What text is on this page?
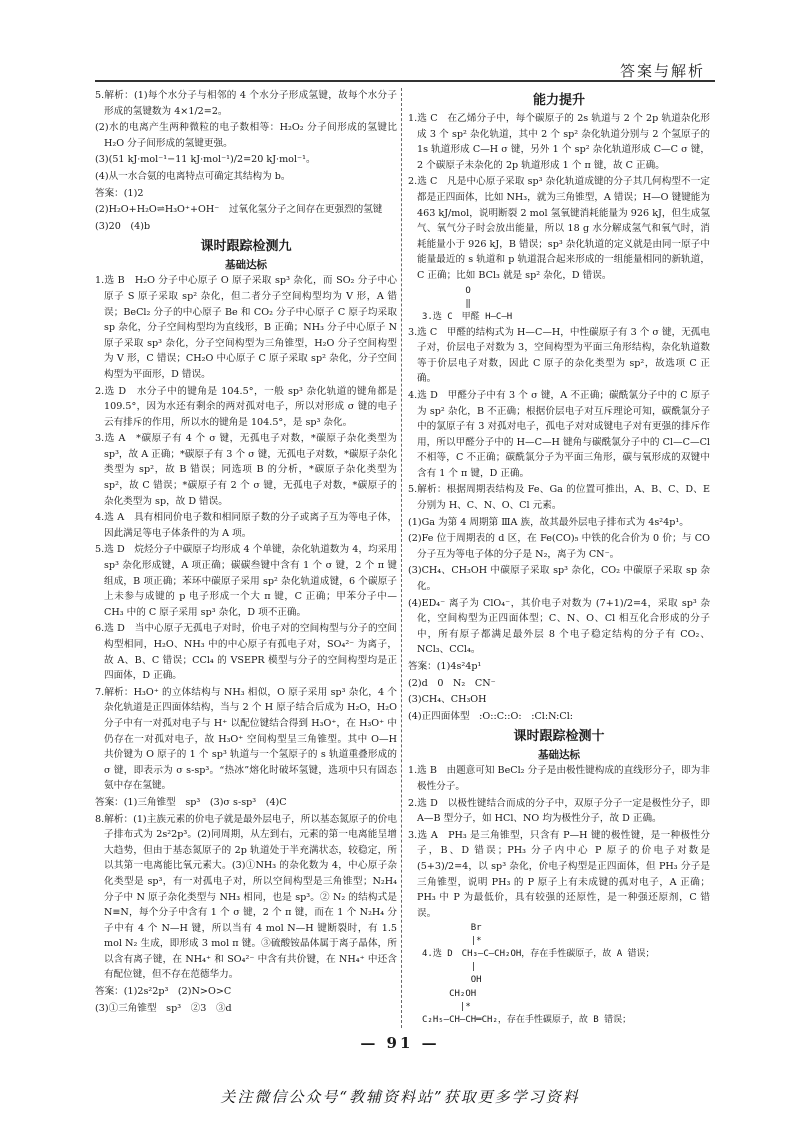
答案与解析
5.解析：(1)每个水分子与相邻的 4 个水分子形成氢键，故每个水分子形成的氢键数为 4×1/2=2。
(2)水的电离产生两种微粒的电子数相等：H₂O₂ 分子间形成的氢键比 H₂O 分子间形成的氢键更强。
(3)(51 kJ·mol⁻¹−11 kJ·mol⁻¹)/2=20 kJ·mol⁻¹。
(4)从一水合氨的电离特点可确定其结构为 b。
答案：(1)2
(2)H₂O+H₂O⇌H₃O⁺+OH⁻　过氧化氢分子之间存在更强烈的氢键
(3)20　(4)b
课时跟踪检测九
基础达标
1.选 B　H₂O 分子中心原子 O 原子采取 sp³ 杂化，而 SO₂ 分子中心原子 S 原子采取 sp² 杂化，但二者分子空间构型均为 V 形，A 错误；BeCl₂ 分子的中心原子 Be 和 CO₂ 分子中心原子 C 原子均采取 sp 杂化，分子空间构型均为直线形，B 正确；NH₃ 分子中心原子 N 原子采取 sp³ 杂化，分子空间构型为三角锥型，H₂O 分子空间构型为 V 形，C 错误；CH₂O 中心原子 C 原子采取 sp² 杂化，分子空间构型为平面形，D 错误。
2.选 D　水分子中的键角是 104.5°，一般 sp³ 杂化轨道的键角都是 109.5°，因为水还有剩余的两对孤对电子，所以对形成 σ 键的电子云有排斥的作用，所以水的键角是 104.5°，是 sp³ 杂化。
3.选 A　*碳原子有 4 个 σ 键，无孤电子对数，*碳原子杂化类型为 sp³，故 A 正确；*碳原子有 3 个 σ 键，无孤电子对数，*碳原子杂化类型为 sp²，故 B 错误；同选项 B 的分析，*碳原子杂化类型为 sp²，故 C 错误；*碳原子有 2 个 σ 键，无孤电子对数，*碳原子的杂化类型为 sp，故 D 错误。
4.选 A　具有相同价电子数和相同原子数的分子或离子互为等电子体，因此满足等电子体条件的为 A 项。
5.选 D　烷烃分子中碳原子均形成 4 个单键，杂化轨道数为 4，均采用 sp³ 杂化形成键，A 项正确；碳碳叁键中含有 1 个 σ 键，2 个 π 键组成，B 项正确；苯环中碳原子采用 sp² 杂化轨道成键，6 个碳原子上未参与成键的 p 电子形成一个大 π 键，C 正确；甲苯分子中—CH₃ 中的 C 原子采用 sp³ 杂化，D 项不正确。
6.选 D　当中心原子无孤电子对时，价电子对的空间构型与分子的空间构型相同，H₂O、NH₃ 中的中心原子有孤电子对，SO₄²⁻ 为离子，故 A、B、C 错误；CCl₄ 的 VSEPR 模型与分子的空间构型均是正四面体，D 正确。
7.解析：H₃O⁺ 的立体结构与 NH₃ 相似，O 原子采用 sp³ 杂化，4 个杂化轨道是正四面体结构，当与 2 个 H 原子结合后成为 H₂O，H₂O 分子中有一对孤对电子与 H⁺ 以配位键结合得到 H₃O⁺，在 H₃O⁺ 中仍存在一对孤对电子，故 H₃O⁺ 空间构型呈三角锥型。其中 O—H 共价键为 O 原子的 1 个 sp³ 轨道与一个氢原子的 s 轨道重叠形成的 σ 键，即表示为 σ s-sp³。“热冰”熔化时破坏氢键，选项中只有固态氨中存在氢键。
答案：(1)三角锥型　sp³　(3)σ s-sp³　(4)C
8.解析：(1)主族元素的价电子就是最外层电子，所以基态氮原子的价电子排布式为 2s²2p³。(2)同周期，从左到右，元素的第一电离能呈增大趋势，但由于基态氮原子的 2p 轨道处于半充满状态，较稳定，所以其第一电离能比氧元素大。(3)①NH₃ 的杂化数为 4，中心原子杂化类型是 sp³，有一对孤电子对，所以空间构型是三角锥型；N₂H₄ 分子中 N 原子杂化类型与 NH₃ 相同，也是 sp³。② N₂ 的结构式是 N≡N，每个分子中含有 1 个 σ 键，2 个 π 键，而在 1 个 N₂H₄ 分子中有 4 个 N—H 键，所以当有 4 mol N—H 键断裂时，有 1.5 mol N₂ 生成，即形成 3 mol π 键。③硫酸铵晶体属于离子晶体，所以含有离子键，在 NH₄⁺ 和 SO₄²⁻ 中含有共价键，在 NH₄⁺ 中还含有配位键，但不存在范德华力。
答案：(1)2s²2p³　(2)N>O>C
(3)①三角锥型　sp³　②3　③d
能力提升
1.选 C　在乙烯分子中，每个碳原子的 2s 轨道与 2 个 2p 轨道杂化形成 3 个 sp² 杂化轨道，其中 2 个 sp² 杂化轨道分别与 2 个氢原子的 1s 轨道形成 C—H σ 键，另外 1 个 sp² 杂化轨道形成 C—C σ 键，2 个碳原子未杂化的 2p 轨道形成 1 个 π 键，故 C 正确。
2.选 C　凡是中心原子采取 sp³ 杂化轨道成键的分子其几何构型不一定都是正四面体，比如 NH₃，就为三角锥型，A 错误；H—O 键键能为 463 kJ/mol，说明断裂 2 mol 氢氧键消耗能量为 926 kJ，但生成氢气、氧气分子时会放出能量，所以 18 g 水分解成氢气和氧气时，消耗能量小于 926 kJ，B 错误；sp³ 杂化轨道的定义就是由同一原子中能量最近的 s 轨道和 p 轨道混合起来形成的一组能量相同的新轨道，C 正确；比如 BCl₃ 就是 sp² 杂化，D 错误。
O
‖
3.选 C　甲醛 H—C—H
3.选 C　甲醛的结构式为 H—C—H，中性碳原子有 3 个 σ 键，无孤电子对，价层电子对数为 3，空间构型为平面三角形结构，杂化轨道数等于价层电子对数，因此 C 原子的杂化类型为 sp²，故选项 C 正确。
4.选 D　甲醛分子中有 3 个 σ 键，A 不正确；碳酰氯分子中的 C 原子为 sp² 杂化，B 不正确；根据价层电子对互斥理论可知，碳酰氯分子中的氯原子有 3 对孤对电子，孤电子对对成键电子对有更强的排斥作用，所以甲醛分子中的 H—C—H 键角与碳酰氯分子中的 Cl—C—Cl 不相等，C 不正确；碳酰氯分子为平面三角形，碳与氧形成的双键中含有 1 个 π 键，D 正确。
5.解析：根据周期表结构及 Fe、Ga 的位置可推出，A、B、C、D、E 分别为 H、C、N、O、Cl 元素。
(1)Ga 为第 4 周期第 ⅢA 族，故其最外层电子排布式为 4s²4p¹。
(2)Fe 位于周期表的 d 区，在 Fe(CO)₅ 中铁的化合价为 0 价；与 CO 分子互为等电子体的分子是 N₂，离子为 CN⁻。
(3)CH₄、CH₃OH 中碳原子采取 sp³ 杂化，CO₂ 中碳原子采取 sp 杂化。
(4)ED₄⁻ 离子为 ClO₄⁻，其价电子对数为 (7+1)/2=4，采取 sp³ 杂化，空间构型为正四面体型；C、N、O、Cl 相互化合形成的分子中，所有原子都满足最外层 8 个电子稳定结构的分子有 CO₂、NCl₃、CCl₄。
答案：(1)4s²4p¹
(2)d　0　N₂　CN⁻
(3)CH₄、CH₃OH
(4)正四面体型　:O::C::O:　:Cl:N:Cl:
课时跟踪检测十
基础达标
1.选 B　由题意可知 BeCl₂ 分子是由极性键构成的直线形分子，即为非极性分子。
2.选 D　以极性键结合而成的分子中，双原子分子一定是极性分子，即 A—B 型分子，如 HCl、NO 均为极性分子，故 D 正确。
3.选 A　PH₃ 是三角锥型，只含有 P—H 键的极性键，是一种极性分子，B、D 错误；PH₃ 分子内中心 P 原子的价电子对数是 (5+3)/2=4，以 sp³ 杂化，价电子构型是正四面体，但 PH₃ 分子是三角锥型，说明 PH₃ 的 P 原子上有未成键的孤对电子，A 正确；PH₃ 中 P 为最低价，具有较强的还原性，是一种强还原剂，C 错误。
Br
|*
4.选 D　CH₃—C—CH₂OH，存在手性碳原子，故 A 错误；
|
OH
CH₂OH
|*
C₂H₅—CH—CH═CH₂，存在手性碳原子，故 B 错误；

— 91 —
关注微信公众号“教辅资料站”获取更多学习资料
